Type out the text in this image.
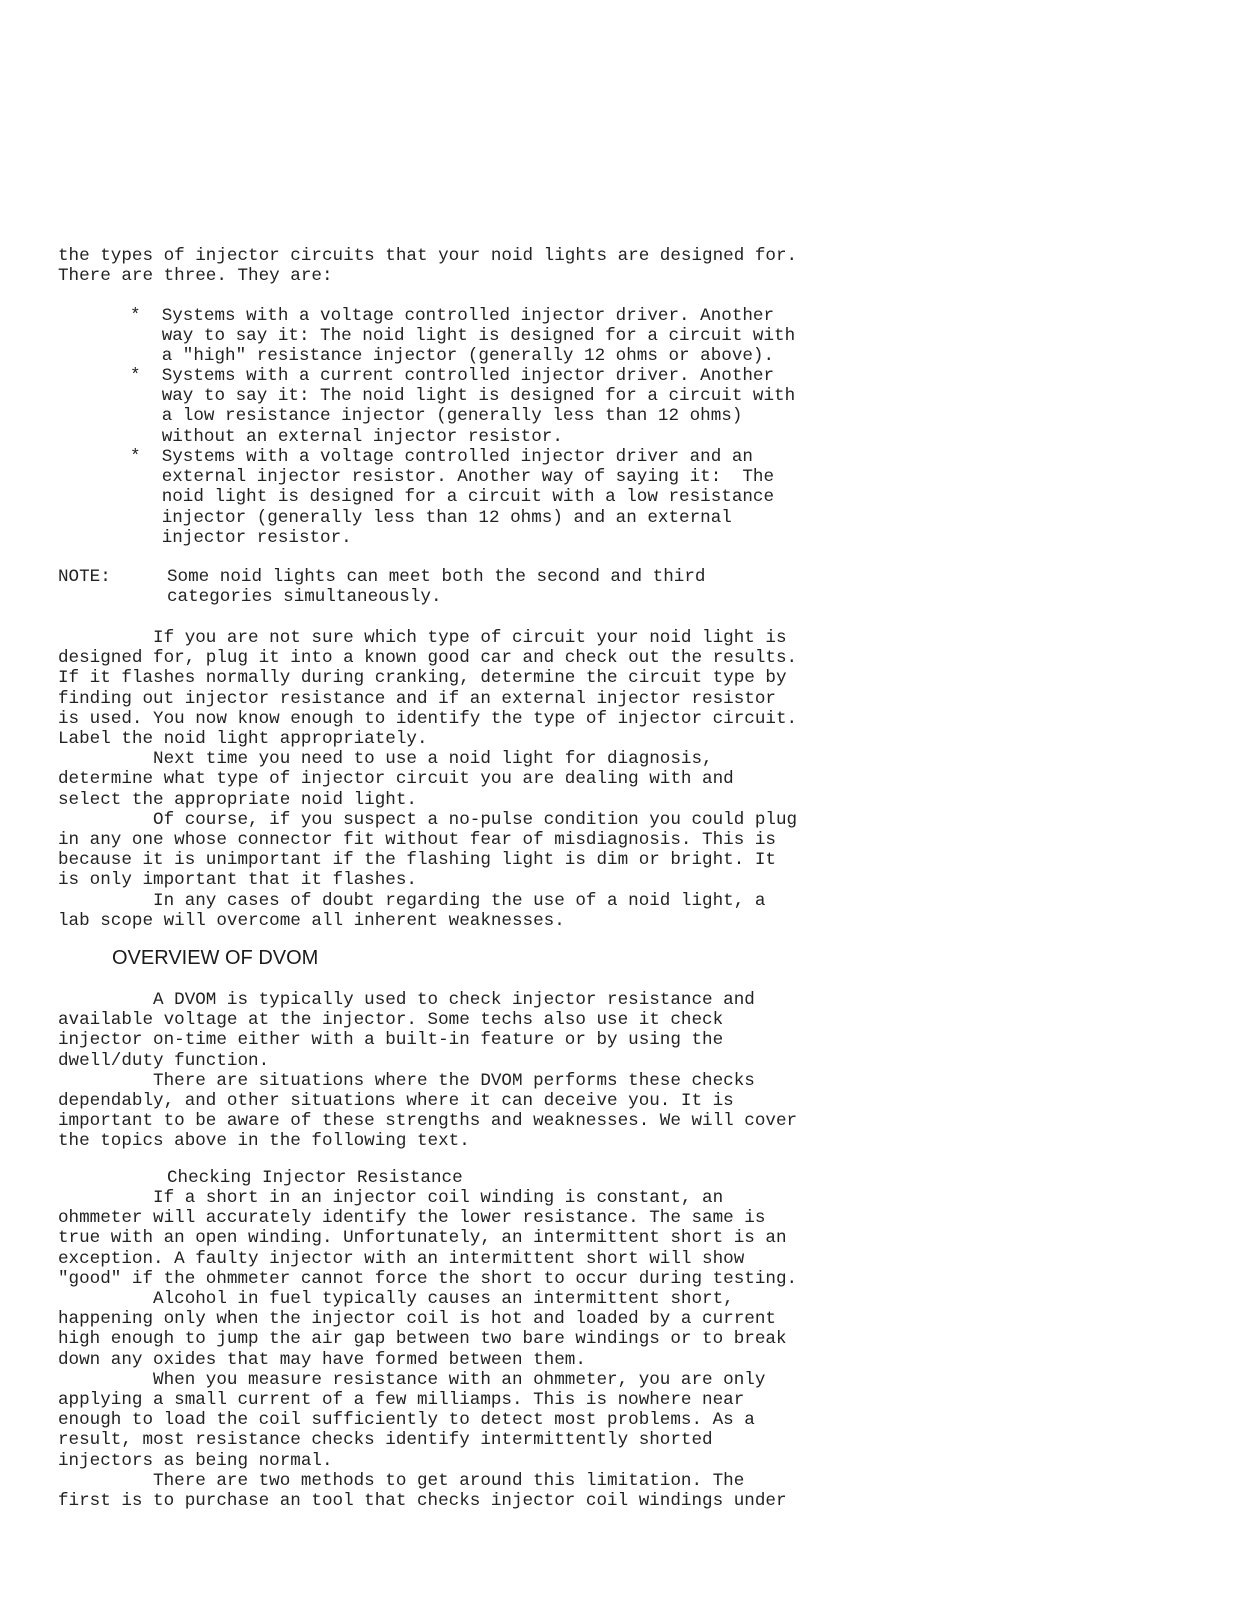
the types of injector circuits that your noid lights are designed for.
There are three. They are:

* Systems with a voltage controlled injector driver. Another
way to say it: The noid light is designed for a circuit with
a "high" resistance injector (generally 12 ohms or above).

* Systems with a current controlled injector driver. Another
way to say it: The noid light is designed for a circuit with
a low resistance injector (generally less than 12 ohms)
without an external injector resistor.

* Systems with a voltage controlled injector driver and an
external injector resistor. Another way of saying it:  The
noid light is designed for a circuit with a low resistance
injector (generally less than 12 ohms) and an external
injector resistor.

NOTE:	Some noid lights can meet both the second and third
categories simultaneously.

If you are not sure which type of circuit your noid light is
designed for, plug it into a known good car and check out the results.
If it flashes normally during cranking, determine the circuit type by
finding out injector resistance and if an external injector resistor
is used. You now know enough to identify the type of injector circuit.
Label the noid light appropriately.
Next time you need to use a noid light for diagnosis,
determine what type of injector circuit you are dealing with and
select the appropriate noid light.
Of course, if you suspect a no-pulse condition you could plug
in any one whose connector fit without fear of misdiagnosis. This is
because it is unimportant if the flashing light is dim or bright. It
is only important that it flashes.
In any cases of doubt regarding the use of a noid light, a
lab scope will overcome all inherent weaknesses.

OVERVIEW OF DVOM

A DVOM is typically used to check injector resistance and
available voltage at the injector. Some techs also use it check
injector on-time either with a built-in feature or by using the
dwell/duty function.
There are situations where the DVOM performs these checks
dependably, and other situations where it can deceive you. It is
important to be aware of these strengths and weaknesses. We will cover
the topics above in the following text.

Checking Injector Resistance

If a short in an injector coil winding is constant, an
ohmmeter will accurately identify the lower resistance. The same is
true with an open winding. Unfortunately, an intermittent short is an
exception. A faulty injector with an intermittent short will show
"good" if the ohmmeter cannot force the short to occur during testing.
Alcohol in fuel typically causes an intermittent short,
happening only when the injector coil is hot and loaded by a current
high enough to jump the air gap between two bare windings or to break
down any oxides that may have formed between them.
When you measure resistance with an ohmmeter, you are only
applying a small current of a few milliamps. This is nowhere near
enough to load the coil sufficiently to detect most problems. As a
result, most resistance checks identify intermittently shorted
injectors as being normal.
There are two methods to get around this limitation. The
first is to purchase an tool that checks injector coil windings under
